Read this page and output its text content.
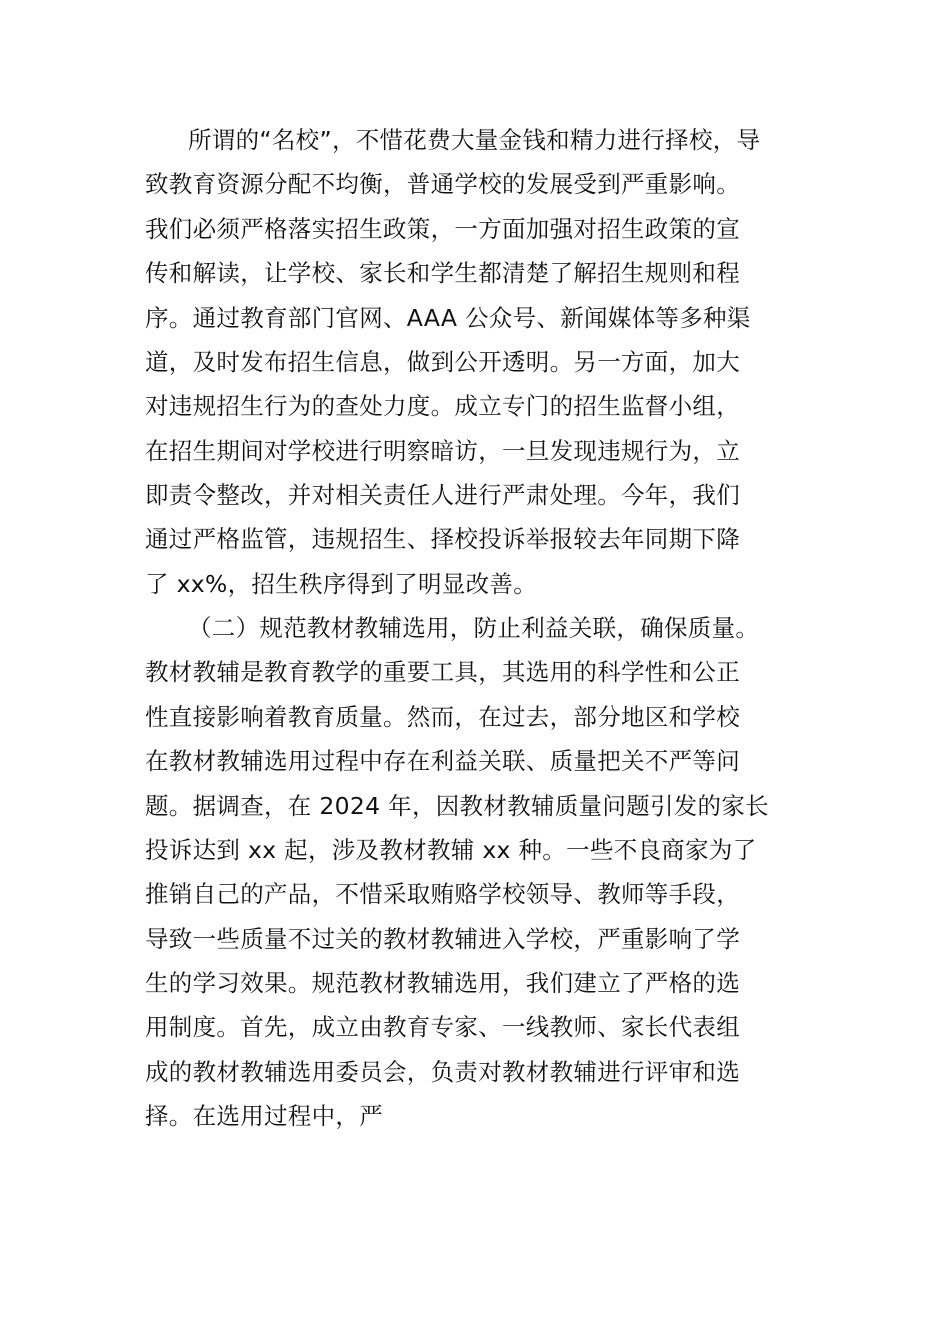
所谓的“名校”，不惜花费大量金钱和精力进行择校，导
致教育资源分配不均衡，普通学校的发展受到严重影响。
我们必须严格落实招生政策，一方面加强对招生政策的宣
传和解读，让学校、家长和学生都清楚了解招生规则和程
序。通过教育部门官网、AAA 公众号、新闻媒体等多种渠
道，及时发布招生信息，做到公开透明。另一方面，加大
对违规招生行为的查处力度。成立专门的招生监督小组，
在招生期间对学校进行明察暗访，一旦发现违规行为，立
即责令整改，并对相关责任人进行严肃处理。今年，我们
通过严格监管，违规招生、择校投诉举报较去年同期下降
了 xx%，招生秩序得到了明显改善。
（二）规范教材教辅选用，防止利益关联，确保质量。
教材教辅是教育教学的重要工具，其选用的科学性和公正
性直接影响着教育质量。然而，在过去，部分地区和学校
在教材教辅选用过程中存在利益关联、质量把关不严等问
题。据调查，在 2024 年，因教材教辅质量问题引发的家长
投诉达到 xx 起，涉及教材教辅 xx 种。一些不良商家为了
推销自己的产品，不惜采取贿赂学校领导、教师等手段，
导致一些质量不过关的教材教辅进入学校，严重影响了学
生的学习效果。规范教材教辅选用，我们建立了严格的选
用制度。首先，成立由教育专家、一线教师、家长代表组
成的教材教辅选用委员会，负责对教材教辅进行评审和选
择。在选用过程中，严
